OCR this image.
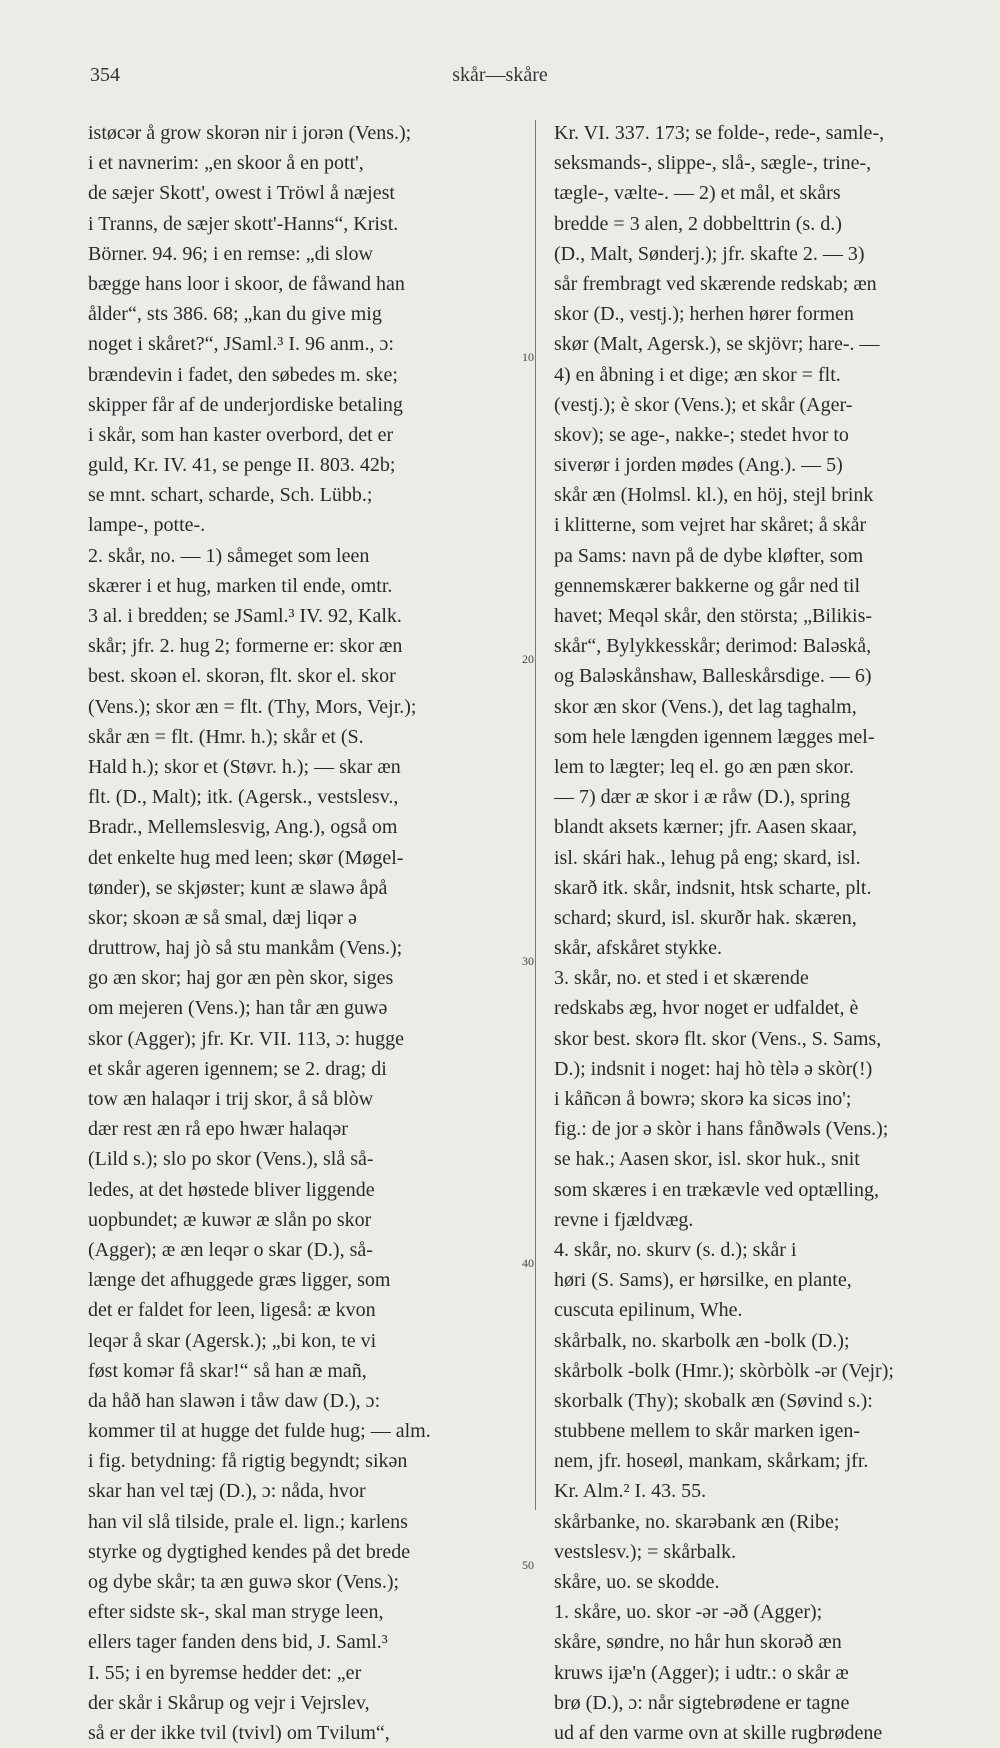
354	skår—skåre
istøcər å grow skorən nir i jorən (Vens.);
i et navnerim: „en skoor å en pott',
de sæjer Skott', owest i Tröwl å næjest
i Tranns, de sæjer skott'-Hanns“, Krist.
Börner. 94. 96; i en remse: „di slow
bægge hans loor i skoor, de fåwand han
ålder“, sts 386. 68; „kan du give mig
noget i skåret?“, JSaml.³ I. 96 anm., ɔ:
brændevin i fadet, den søbedes m. ske;
skipper får af de underjordiske betaling
i skår, som han kaster overbord, det er
guld, Kr. IV. 41, se penge II. 803. 42b;
se mnt. schart, scharde, Sch. Lübb.;
lampe-, potte-.
2. skår, no. — 1) såmeget som leen
skærer i et hug, marken til ende, omtr.
3 al. i bredden; se JSaml.³ IV. 92, Kalk.
skår; jfr. 2. hug 2; formerne er: skor æn
best. skoən el. skorən, flt. skor el. skor
(Vens.); skor æn = flt. (Thy, Mors, Vejr.);
skår æn = flt. (Hmr. h.); skår et (S.
Hald h.); skor et (Støvr. h.); — skar æn
flt. (D., Malt); itk. (Agersk., vestslesv.,
Bradr., Mellemslesvig, Ang.), også om
det enkelte hug med leen; skør (Møgel-
tønder), se skjøster; kunt æ slawə åpå
skor; skoən æ så smal, dæj liqər ə
druttrow, haj jò så stu mankåm (Vens.);
go æn skor; haj gor æn pèn skor, siges
om mejeren (Vens.); han tår æn guwə
skor (Agger); jfr. Kr. VII. 113, ɔ: hugge
et skår ageren igennem; se 2. drag; di
tow æn halaqər i trij skor, å så blòw
dær rest æn rå epo hwær halaqər
(Lild s.); slo po skor (Vens.), slå så-
ledes, at det høstede bliver liggende
uopbundet; æ kuwər æ slån po skor
(Agger); æ æn leqər o skar (D.), så-
længe det afhuggede græs ligger, som
det er faldet for leen, ligeså: æ kvon
leqər å skar (Agersk.); „bi kon, te vi
føst komər få skar!“ så han æ mañ,
da håð han slawən i tåw daw (D.), ɔ:
kommer til at hugge det fulde hug; — alm.
i fig. betydning: få rigtig begyndt; sikən
skar han vel tæj (D.), ɔ: nåda, hvor
han vil slå tilside, prale el. lign.; karlens
styrke og dygtighed kendes på det brede
og dybe skår; ta æn guwə skor (Vens.);
efter sidste sk-, skal man stryge leen,
ellers tager fanden dens bid, J. Saml.³
I. 55; i en byremse hedder det: „er
der skår i Skårup og vejr i Vejrslev,
så er der ikke tvil (tvivl) om Tvilum“,
Kr. VI. 337. 173; se folde-, rede-, samle-,
seksmands-, slippe-, slå-, sægle-, trine-,
tægle-, vælte-. — 2) et mål, et skårs
bredde = 3 alen, 2 dobbelttrin (s. d.)
(D., Malt, Sønderj.); jfr. skafte 2. — 3)
sår frembragt ved skærende redskab; æn
skor (D., vestj.); herhen hører formen
skør (Malt, Agersk.), se skjövr; hare-. —
4) en åbning i et dige; æn skor = flt.
(vestj.); è skor (Vens.); et skår (Ager-
skov); se age-, nakke-; stedet hvor to
siverør i jorden mødes (Ang.). — 5)
skår æn (Holmsl. kl.), en höj, stejl brink
i klitterne, som vejret har skåret; å skår
pa Sams: navn på de dybe kløfter, som
gennemskærer bakkerne og går ned til
havet; Meqəl skår, den största; „Bilikis-
skår“, Bylykkesskår; derimod: Baləskå,
og Baləskånshaw, Balleskårsdige. — 6)
skor æn skor (Vens.), det lag taghalm,
som hele længden igennem lægges mel-
lem to lægter; leq el. go æn pæn skor.
— 7) dær æ skor i æ råw (D.), spring
blandt aksets kærner; jfr. Aasen skaar,
isl. skári hak., lehug på eng; skard, isl.
skarð itk. skår, indsnit, htsk scharte, plt.
schard; skurd, isl. skurðr hak. skæren,
skår, afskåret stykke.
3. skår, no. et sted i et skærende
redskabs æg, hvor noget er udfaldet, è
skor best. skorə flt. skor (Vens., S. Sams,
D.); indsnit i noget: haj hò tèlə ə skòr(!)
i kåñcən å bowrə; skorə ka sicəs ino';
fig.: de jor ə skòr i hans fånðwəls (Vens.);
se hak.; Aasen skor, isl. skor huk., snit
som skæres i en trækævle ved optælling,
revne i fjældvæg.
4. skår, no. skurv (s. d.); skår i
høri (S. Sams), er hørsilke, en plante,
cuscuta epilinum, Whe.
skårbalk, no. skarbolk æn -bolk (D.);
skårbolk -bolk (Hmr.); skòrbòlk -ər (Vejr);
skorbalk (Thy); skobalk æn (Søvind s.):
stubbene mellem to skår marken igen-
nem, jfr. hoseøl, mankam, skårkam; jfr.
Kr. Alm.² I. 43. 55.
skårbanke, no. skarəbank æn (Ribe;
vestslesv.); = skårbalk.
skåre, uo. se skodde.
1. skåre, uo. skor -ər -əð (Agger);
skåre, søndre, no hår hun skorəð æn
kruws ijæ'n (Agger); i udtr.: o skår æ
brø (D.), ɔ: når sigtebrødene er tagne
ud af den varme ovn at skille rugbrødene
10
20
30
40
50
